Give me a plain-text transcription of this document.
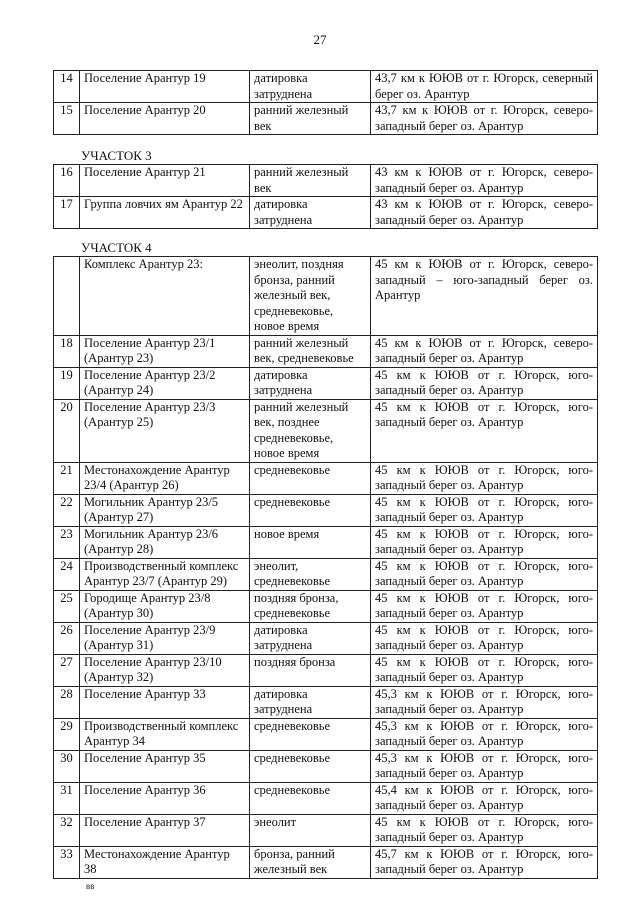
27
14	Поселение Арантур 19	датировка затруднена	43,7 км к ЮЮВ от г. Югорск, северный берег оз. Арантур
15	Поселение Арантур 20	ранний железный век	43,7 км к ЮЮВ от г. Югорск, северо-западный берег оз. Арантур
УЧАСТОК 3
16	Поселение Арантур 21	ранний железный век	43 км к ЮЮВ от г. Югорск, северо-западный берег оз. Арантур
17	Группа ловчих ям Арантур 22	датировка затруднена	43 км к ЮЮВ от г. Югорск, северо-западный берег оз. Арантур
УЧАСТОК 4
	Комплекс Арантур 23:	энеолит, поздняя бронза, ранний железный век, средневековье, новое время	45 км к ЮЮВ от г. Югорск, северо-западный – юго-западный берег оз. Арантур
18	Поселение Арантур 23/1 (Арантур 23)	ранний железный век, средневековье	45 км к ЮЮВ от г. Югорск, северо-западный берег оз. Арантур
19	Поселение Арантур 23/2 (Арантур 24)	датировка затруднена	45 км к ЮЮВ от г. Югорск, юго-западный берег оз. Арантур
20	Поселение Арантур 23/3 (Арантур 25)	ранний железный век, позднее средневековье, новое время	45 км к ЮЮВ от г. Югорск, юго-западный берег оз. Арантур
21	Местонахождение Арантур 23/4 (Арантур 26)	средневековье	45 км к ЮЮВ от г. Югорск, юго-западный берег оз. Арантур
22	Могильник Арантур 23/5 (Арантур 27)	средневековье	45 км к ЮЮВ от г. Югорск, юго-западный берег оз. Арантур
23	Могильник Арантур 23/6 (Арантур 28)	новое время	45 км к ЮЮВ от г. Югорск, юго-западный берег оз. Арантур
24	Производственный комплекс Арантур 23/7 (Арантур 29)	энеолит, средневековье	45 км к ЮЮВ от г. Югорск, юго-западный берег оз. Арантур
25	Городище Арантур 23/8 (Арантур 30)	поздняя бронза, средневековье	45 км к ЮЮВ от г. Югорск, юго-западный берег оз. Арантур
26	Поселение Арантур 23/9 (Арантур 31)	датировка затруднена	45 км к ЮЮВ от г. Югорск, юго-западный берег оз. Арантур
27	Поселение Арантур 23/10 (Арантур 32)	поздняя бронза	45 км к ЮЮВ от г. Югорск, юго-западный берег оз. Арантур
28	Поселение Арантур 33	датировка затруднена	45,3 км к ЮЮВ от г. Югорск, юго-западный берег оз. Арантур
29	Производственный комплекс Арантур 34	средневековье	45,3 км к ЮЮВ от г. Югорск, юго-западный берег оз. Арантур
30	Поселение Арантур 35	средневековье	45,3 км к ЮЮВ от г. Югорск, юго-западный берег оз. Арантур
31	Поселение Арантур 36	средневековье	45,4 км к ЮЮВ от г. Югорск, юго-западный берег оз. Арантур
32	Поселение Арантур 37	энеолит	45 км к ЮЮВ от г. Югорск, юго-западный берег оз. Арантур
33	Местонахождение Арантур 38	бронза, ранний железный век	45,7 км к ЮЮВ от г. Югорск, юго-западный берег оз. Арантур
вв
